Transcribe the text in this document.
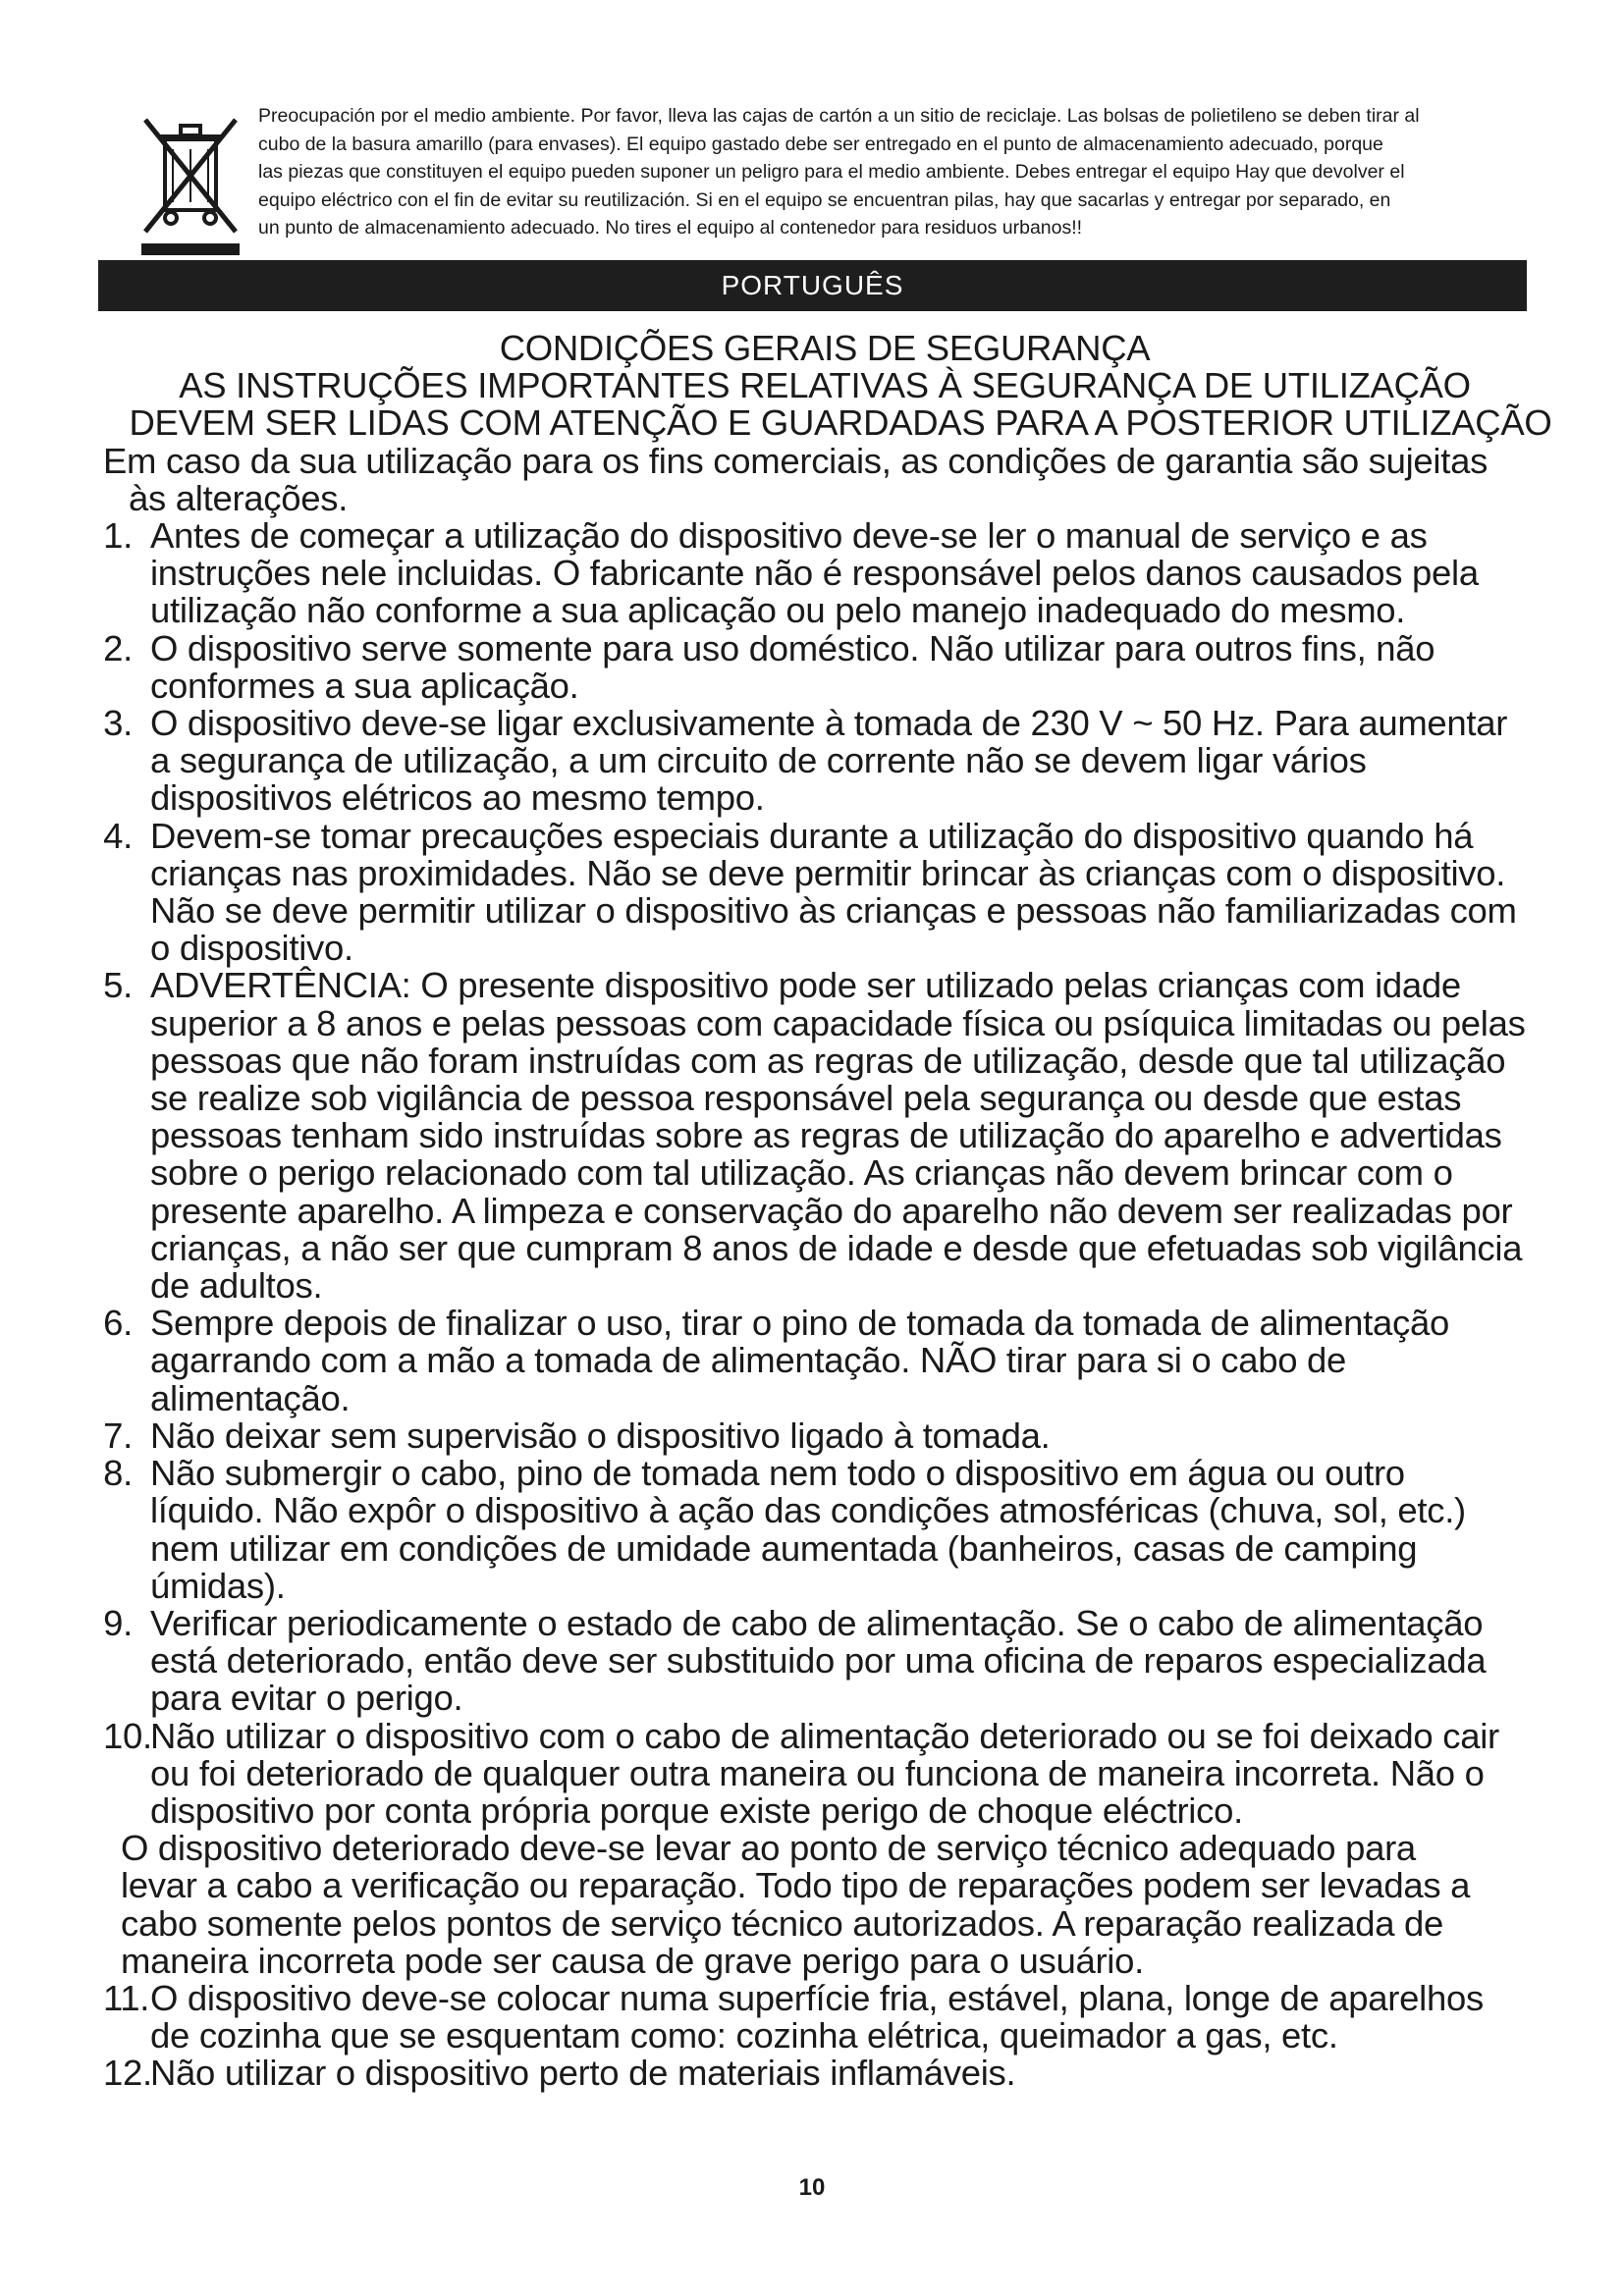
Preocupación por el medio ambiente. Por favor, lleva las cajas de cartón a un sitio de reciclaje. Las bolsas de polietileno se deben tirar al
cubo de la basura amarillo (para envases). El equipo gastado debe ser entregado en el punto de almacenamiento adecuado, porque
las piezas que constituyen el equipo pueden suponer un peligro para el medio ambiente. Debes entregar el equipo Hay que devolver el
equipo eléctrico con el fin de evitar su reutilización. Si en el equipo se encuentran pilas, hay que sacarlas y entregar por separado, en
un punto de almacenamiento adecuado. No tires el equipo al contenedor para residuos urbanos!!
PORTUGUÊS
CONDIÇÕES GERAIS DE SEGURANÇA
AS INSTRUÇÕES IMPORTANTES RELATIVAS À SEGURANÇA DE UTILIZAÇÃO
DEVEM SER LIDAS COM ATENÇÃO E GUARDADAS PARA A POSTERIOR UTILIZAÇÃO
Em caso da sua utilização para os fins comerciais, as condições de garantia são sujeitas
às alterações.
1. Antes de começar a utilização do dispositivo deve-se ler o manual de serviço e as
instruções nele incluidas. O fabricante não é responsável pelos danos causados pela
utilização não conforme a sua aplicação ou pelo manejo inadequado do mesmo.
2. O dispositivo serve somente para uso doméstico. Não utilizar para outros fins, não
conformes a sua aplicação.
3. O dispositivo deve-se ligar exclusivamente à tomada de 230 V ~ 50 Hz. Para aumentar
a segurança de utilização, a um circuito de corrente não se devem ligar vários
dispositivos elétricos ao mesmo tempo.
4. Devem-se tomar precauções especiais durante a utilização do dispositivo quando há
crianças nas proximidades. Não se deve permitir brincar às crianças com o dispositivo.
Não se deve permitir utilizar o dispositivo às crianças e pessoas não familiarizadas com
o dispositivo.
5. ADVERTÊNCIA: O presente dispositivo pode ser utilizado pelas crianças com idade
superior a 8 anos e pelas pessoas com capacidade física ou psíquica limitadas ou pelas
pessoas que não foram instruídas com as regras de utilização, desde que tal utilização
se realize sob vigilância de pessoa responsável pela segurança ou desde que estas
pessoas tenham sido instruídas sobre as regras de utilização do aparelho e advertidas
sobre o perigo relacionado com tal utilização. As crianças não devem brincar com o
presente aparelho. A limpeza e conservação do aparelho não devem ser realizadas por
crianças, a não ser que cumpram 8 anos de idade e desde que efetuadas sob vigilância
de adultos.
6. Sempre depois de finalizar o uso, tirar o pino de tomada da tomada de alimentação
agarrando com a mão a tomada de alimentação. NÃO tirar para si o cabo de
alimentação.
7. Não deixar sem supervisão o dispositivo ligado à tomada.
8. Não submergir o cabo, pino de tomada nem todo o dispositivo em água ou outro
líquido. Não expôr o dispositivo à ação das condições atmosféricas (chuva, sol, etc.)
nem utilizar em condições de umidade aumentada (banheiros, casas de camping
úmidas).
9. Verificar periodicamente o estado de cabo de alimentação. Se o cabo de alimentação
está deteriorado, então deve ser substituido por uma oficina de reparos especializada
para evitar o perigo.
10.
Não utilizar o dispositivo com o cabo de alimentação deteriorado ou se foi deixado cair
ou foi deteriorado de qualquer outra maneira ou funciona de maneira incorreta. Não o
dispositivo por conta própria porque existe perigo de choque eléctrico.
O dispositivo deteriorado deve-se levar ao ponto de serviço técnico adequado para
levar a cabo a verificação ou reparação. Todo tipo de reparações podem ser levadas a
cabo somente pelos pontos de serviço técnico autorizados. A reparação realizada de
maneira incorreta pode ser causa de grave perigo para o usuário.
11. O dispositivo deve-se colocar numa superfície fria, estável, plana, longe de aparelhos
de cozinha que se esquentam como: cozinha elétrica, queimador a gas, etc.
12.
Não utilizar o dispositivo perto de materiais inflamáveis.
10
